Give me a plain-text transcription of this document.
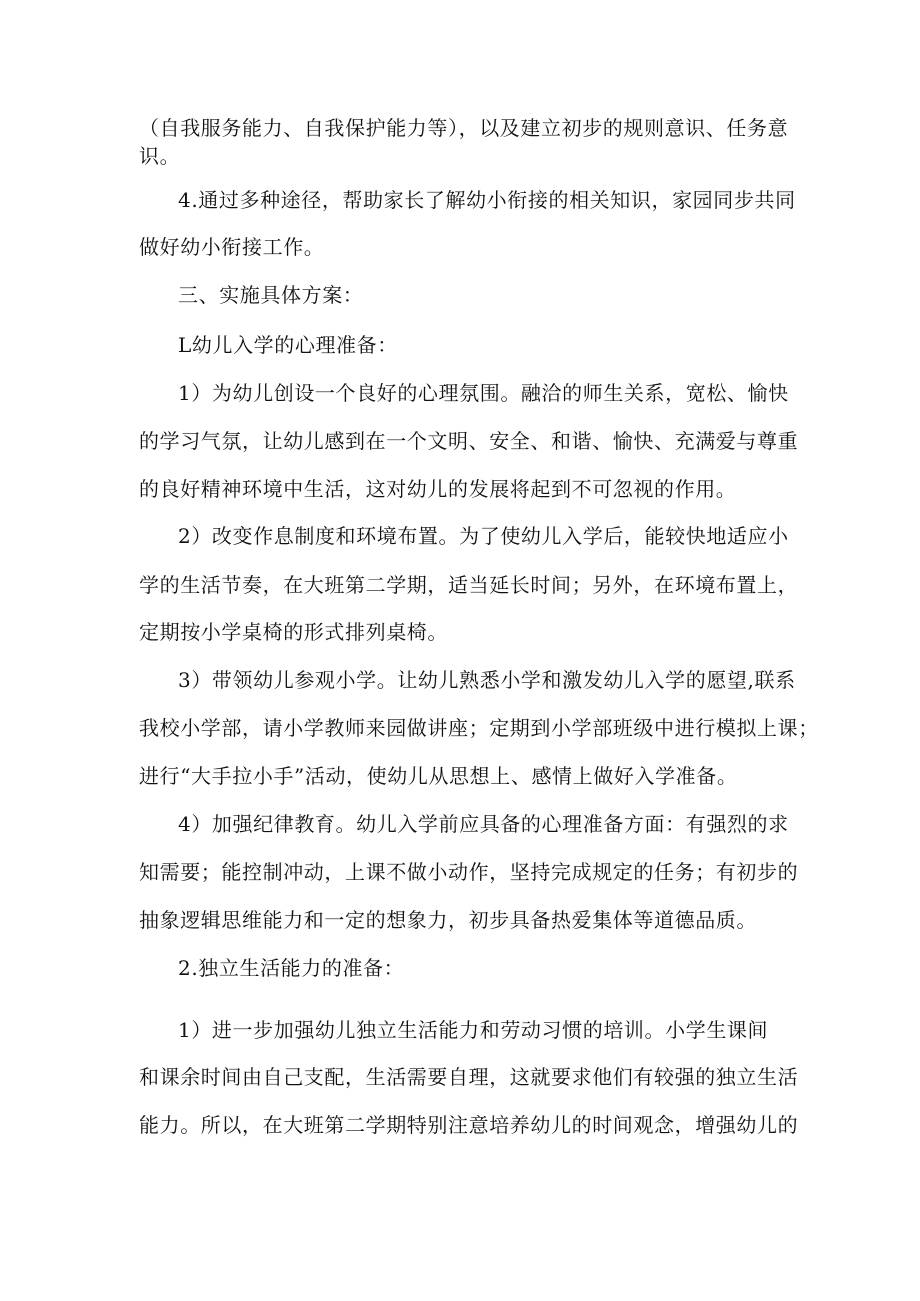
（自我服务能力、自我保护能力等），以及建立初步的规则意识、任务意
识。
4.通过多种途径，帮助家长了解幼小衔接的相关知识，家园同步共同
做好幼小衔接工作。
三、实施具体方案：
L幼儿入学的心理准备：
1）为幼儿创设一个良好的心理氛围。融洽的师生关系，宽松、愉快
的学习气氛，让幼儿感到在一个文明、安全、和谐、愉快、充满爱与尊重
的良好精神环境中生活，这对幼儿的发展将起到不可忽视的作用。
2）改变作息制度和环境布置。为了使幼儿入学后，能较快地适应小
学的生活节奏，在大班第二学期，适当延长时间；另外，在环境布置上，
定期按小学桌椅的形式排列桌椅。
3）带领幼儿参观小学。让幼儿熟悉小学和激发幼儿入学的愿望,联系
我校小学部，请小学教师来园做讲座；定期到小学部班级中进行模拟上课；
进行“大手拉小手”活动，使幼儿从思想上、感情上做好入学准备。
4）加强纪律教育。幼儿入学前应具备的心理准备方面：有强烈的求
知需要；能控制冲动，上课不做小动作，坚持完成规定的任务；有初步的
抽象逻辑思维能力和一定的想象力，初步具备热爱集体等道德品质。
2.独立生活能力的准备：
1）进一步加强幼儿独立生活能力和劳动习惯的培训。小学生课间
和课余时间由自己支配，生活需要自理，这就要求他们有较强的独立生活
能力。所以，在大班第二学期特别注意培养幼儿的时间观念，增强幼儿的
